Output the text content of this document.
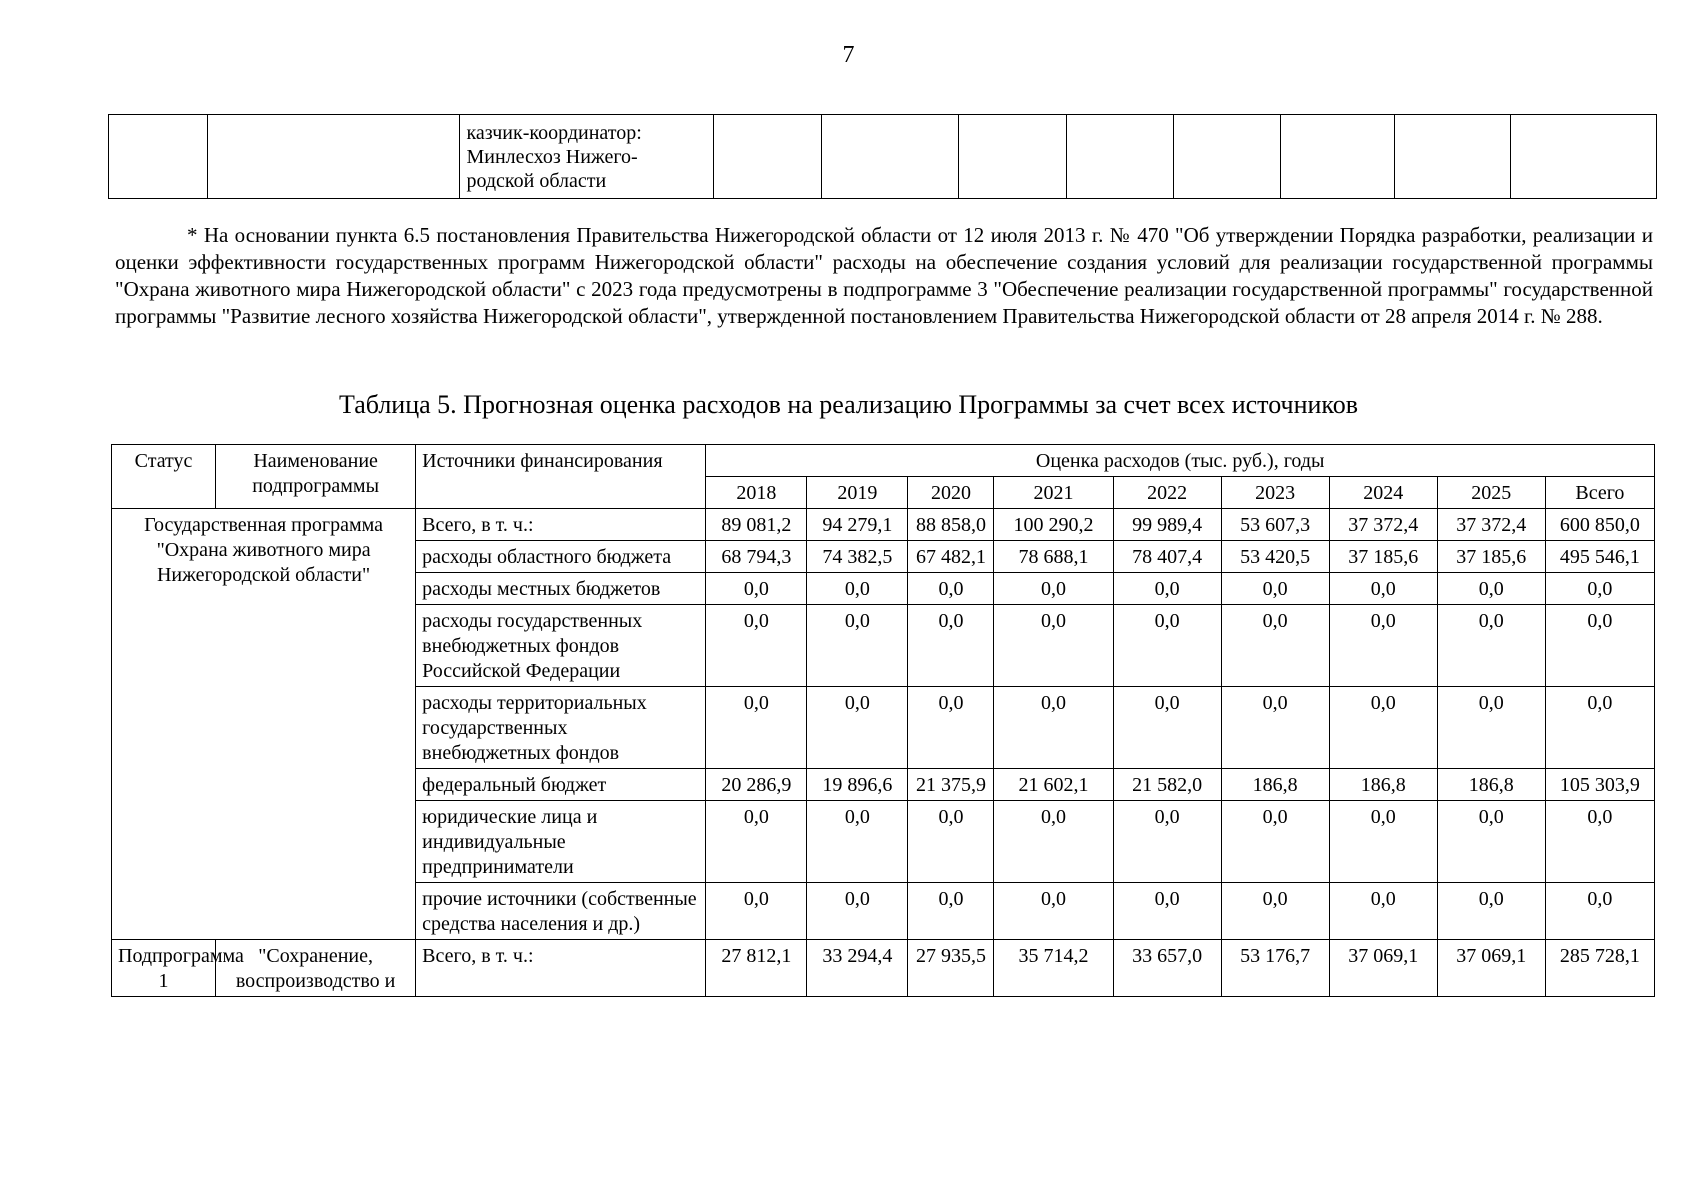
7

казчик-координатор:
Минлесхоз Нижего-
родской области

* На основании пункта 6.5 постановления Правительства Нижегородской области от 12 июля 2013 г. № 470 "Об утверждении Порядка разработки, реализации и оценки эффективности государственных программ Нижегородской области" расходы на обеспечение создания условий для реализации государственной программы "Охрана животного мира Нижегородской области" с 2023 года предусмотрены в подпрограмме 3 "Обеспечение реализации государственной программы" государственной программы "Развитие лесного хозяйства Нижегородской области", утвержденной постановлением Правительства Нижегородской области от 28 апреля 2014 г. № 288.

Таблица 5. Прогнозная оценка расходов на реализацию Программы за счет всех источников
Статус	Наименование подпрограммы	Источники финансирования	Оценка расходов (тыс. руб.), годы								
			2018	2019	2020	2021	2022	2023	2024	2025	Всего
Государственная программа "Охрана животного мира Нижегородской области"		Всего, в т. ч.:	89 081,2	94 279,1	88 858,0	100 290,2	99 989,4	53 607,3	37 372,4	37 372,4	600 850,0
		расходы областного бюджета	68 794,3	74 382,5	67 482,1	78 688,1	78 407,4	53 420,5	37 185,6	37 185,6	495 546,1
		расходы местных бюджетов	0,0	0,0	0,0	0,0	0,0	0,0	0,0	0,0	0,0
		расходы государственных внебюджетных фондов Российской Федерации	0,0	0,0	0,0	0,0	0,0	0,0	0,0	0,0	0,0
		расходы территориальных государственных внебюджетных фондов	0,0	0,0	0,0	0,0	0,0	0,0	0,0	0,0	0,0
		федеральный бюджет	20 286,9	19 896,6	21 375,9	21 602,1	21 582,0	186,8	186,8	186,8	105 303,9
		юридические лица и индивидуальные предприниматели	0,0	0,0	0,0	0,0	0,0	0,0	0,0	0,0	0,0
		прочие источники (собственные средства населения и др.)	0,0	0,0	0,0	0,0	0,0	0,0	0,0	0,0	0,0
Подпрограмма 1	"Сохранение, воспроизводство и	Всего, в т. ч.:	27 812,1	33 294,4	27 935,5	35 714,2	33 657,0	53 176,7	37 069,1	37 069,1	285 728,1
